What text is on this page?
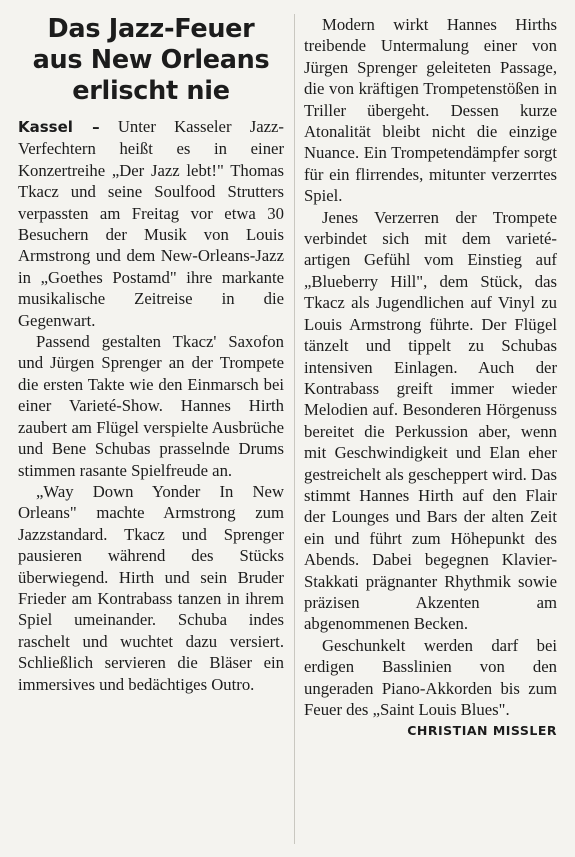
Das Jazz-Feuer
aus New Orleans
erlischt nie

Kassel – Unter Kasseler Jazz-Verfechtern heißt es in einer Konzertreihe „Der Jazz lebt!" Thomas Tkacz und seine Soulfood Strutters verpassten am Freitag vor etwa 30 Besuchern der Musik von Louis Armstrong und dem New-Orleans-Jazz in „Goethes Postamd" ihre markante musikalische Zeitreise in die Gegenwart.

Passend gestalten Tkacz' Saxofon und Jürgen Sprenger an der Trompete die ersten Takte wie den Einmarsch bei einer Varieté-Show. Hannes Hirth zaubert am Flügel verspielte Ausbrüche und Bene Schubas prasselnde Drums stimmen rasante Spielfreude an.

„Way Down Yonder In New Orleans" machte Armstrong zum Jazzstandard. Tkacz und Sprenger pausieren während des Stücks überwiegend. Hirth und sein Bruder Frieder am Kontrabass tanzen in ihrem Spiel umeinander. Schuba indes raschelt und wuchtet dazu versiert. Schließlich servieren die Bläser ein immersives und bedächtiges Outro.

Modern wirkt Hannes Hirths treibende Untermalung einer von Jürgen Sprenger geleiteten Passage, die von kräftigen Trompetenstößen in Triller übergeht. Dessen kurze Atonalität bleibt nicht die einzige Nuance. Ein Trompetendämpfer sorgt für ein flirrendes, mitunter verzerrtes Spiel.

Jenes Verzerren der Trompete verbindet sich mit dem varieté-artigen Gefühl vom Einstieg auf „Blueberry Hill", dem Stück, das Tkacz als Jugendlichen auf Vinyl zu Louis Armstrong führte. Der Flügel tänzelt und tippelt zu Schubas intensiven Einlagen. Auch der Kontrabass greift immer wieder Melodien auf. Besonderen Hörgenuss bereitet die Perkussion aber, wenn mit Geschwindigkeit und Elan eher gestreichelt als gescheppert wird. Das stimmt Hannes Hirth auf den Flair der Lounges und Bars der alten Zeit ein und führt zum Höhepunkt des Abends. Dabei begegnen Klavier-Stakkati prägnanter Rhythmik sowie präzisen Akzenten am abgenommenen Becken.

Geschunkelt werden darf bei erdigen Basslinien von den ungeraden Piano-Akkorden bis zum Feuer des „Saint Louis Blues".
CHRISTIAN MISSLER
